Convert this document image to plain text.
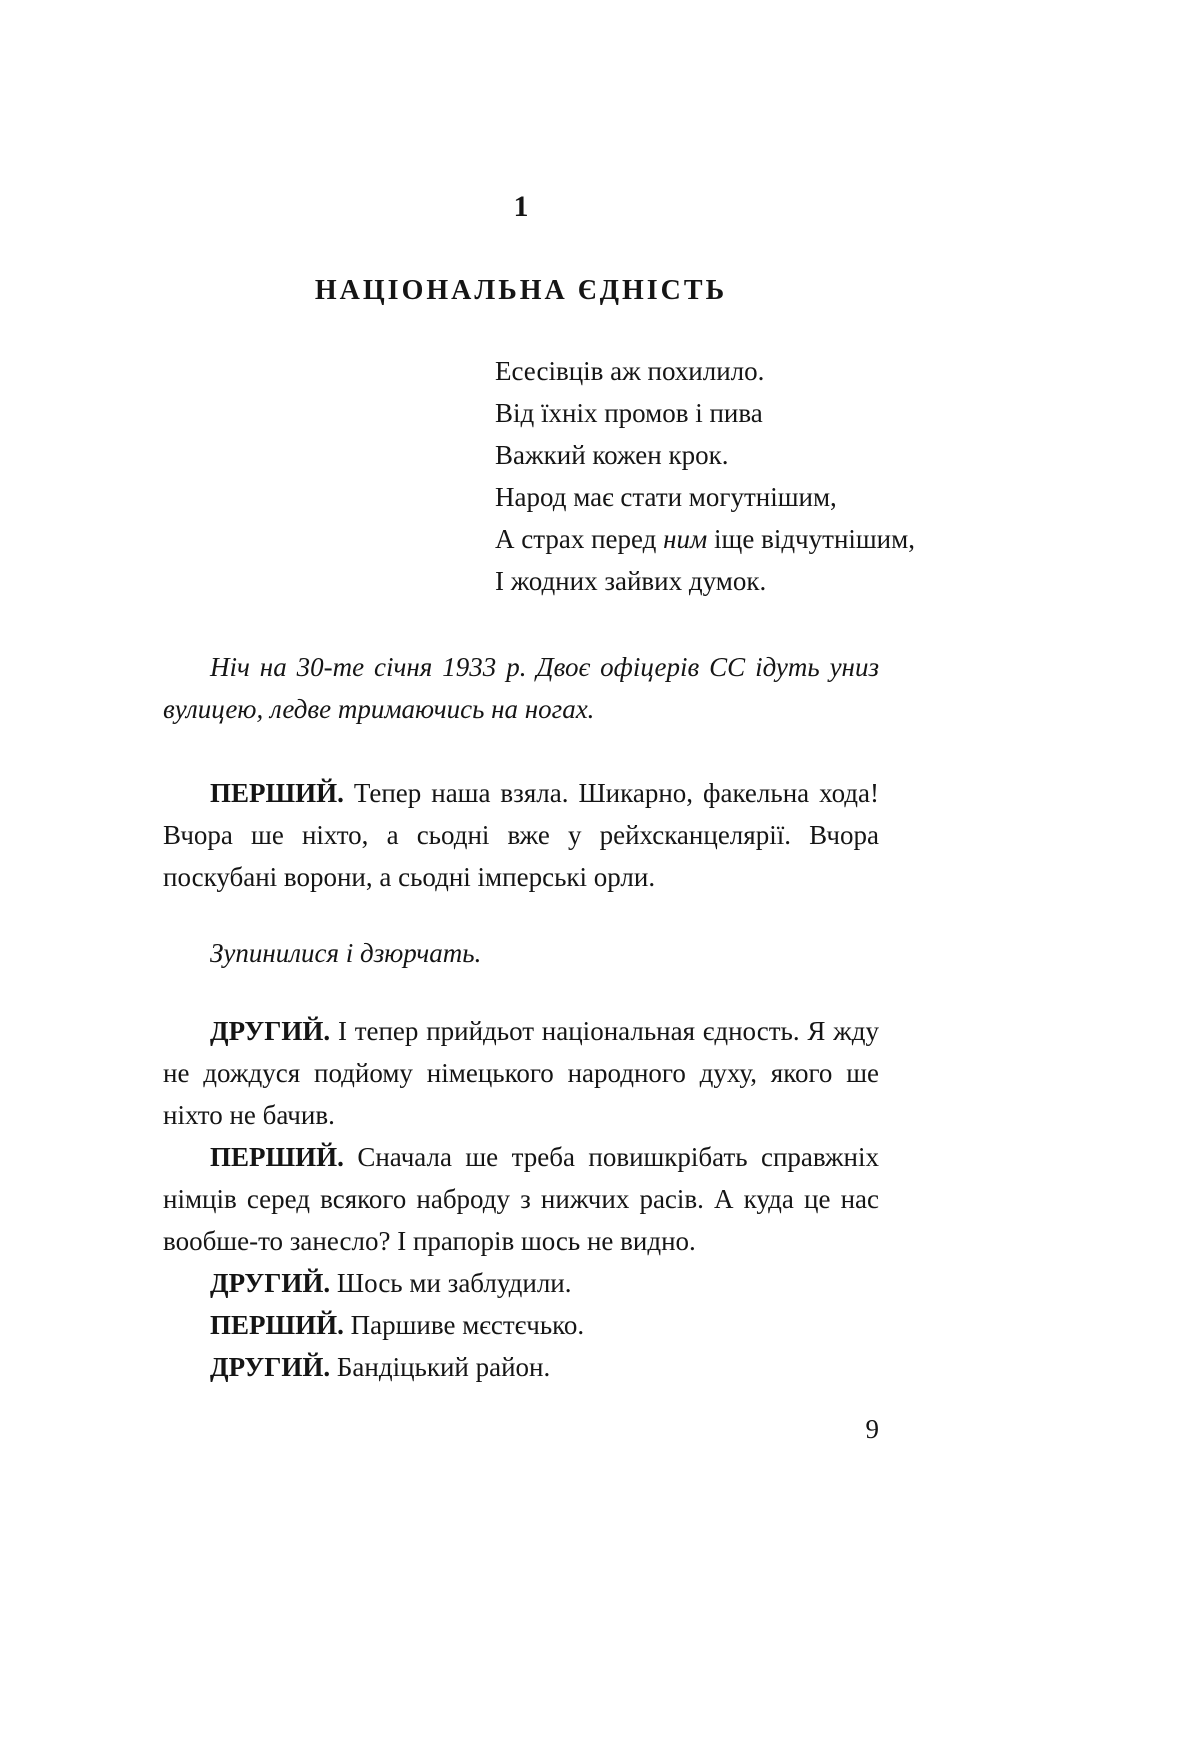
1
НАЦІОНАЛЬНА ЄДНІСТЬ
Есесівців аж похилило.
Від їхніх промов і пива
Важкий кожен крок.
Народ має стати могутнішим,
А страх перед ним іще відчутнішим,
І жодних зайвих думок.

Ніч на 30-те січня 1933 р. Двоє офіцерів СС ідуть униз вулицею, ледве тримаючись на ногах.

ПЕРШИЙ. Тепер наша взяла. Шикарно, факельна хода! Вчора ше ніхто, а сьодні вже у рейхсканцелярії. Вчора поскубані ворони, а сьодні імперські орли.

Зупинилися і дзюрчать.

ДРУГИЙ. І тепер прийдьот національная єдность. Я жду не дождуся подйому німецького народного духу, якого ше ніхто не бачив.

ПЕРШИЙ. Сначала ше треба повишкрібать справжніх німців серед всякого наброду з нижчих расів. А куда це нас вообше-то занесло? І прапорів шось не видно.

ДРУГИЙ. Шось ми заблудили.

ПЕРШИЙ. Паршиве мєстєчько.

ДРУГИЙ. Бандіцький район.

9
